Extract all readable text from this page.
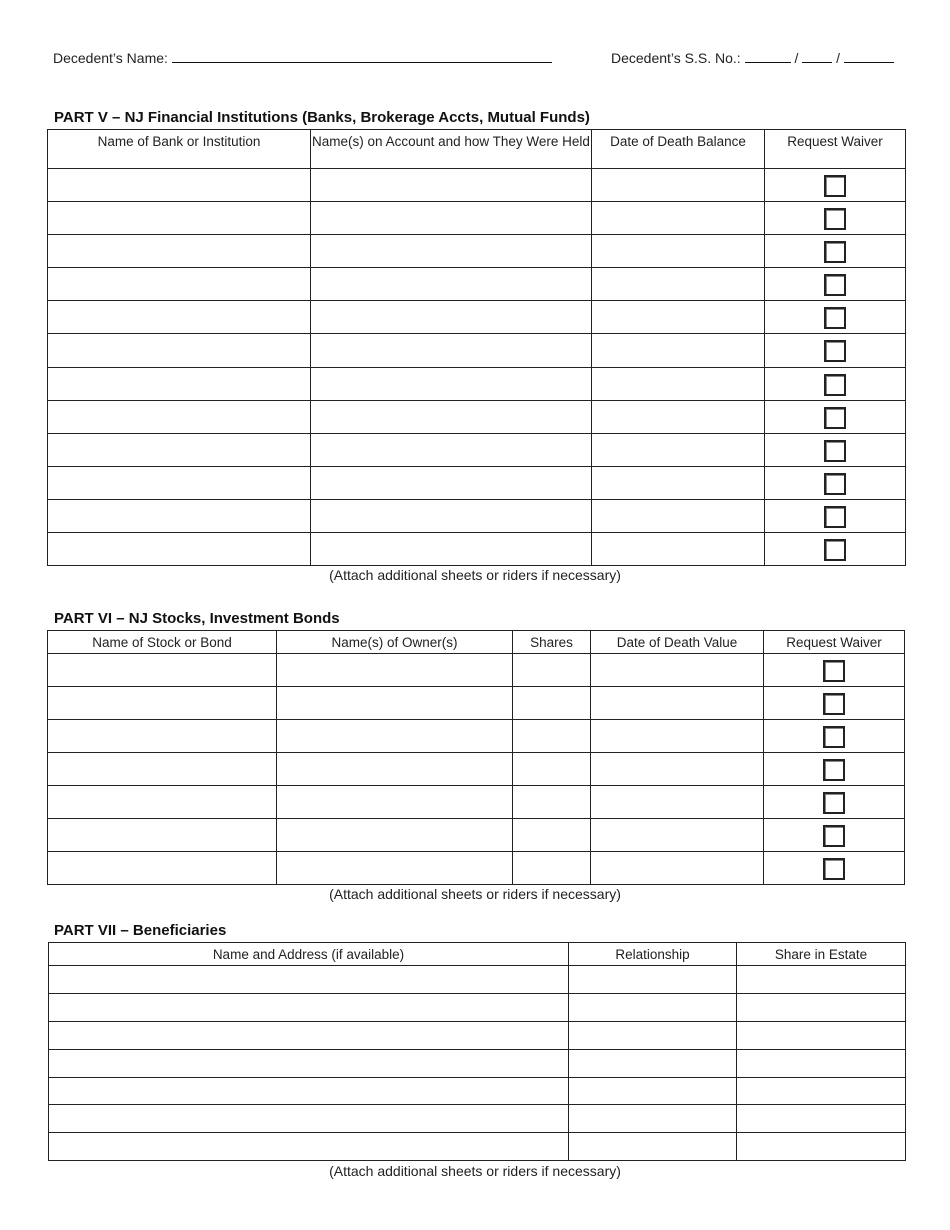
Decedent’s Name:	Decedent’s S.S. No.:	/	/
PART V – NJ Financial Institutions (Banks, Brokerage Accts, Mutual Funds)
Name of Bank or Institution	Name(s) on Account and how They Were Held	Date of Death Balance	Request Waiver

(Attach additional sheets or riders if necessary)
PART VI – NJ Stocks, Investment Bonds
Name of Stock or Bond	Name(s) of Owner(s)	Shares	Date of Death Value	Request Waiver

(Attach additional sheets or riders if necessary)
PART VII – Beneficiaries
Name and Address (if available)	Relationship	Share in Estate

(Attach additional sheets or riders if necessary)
